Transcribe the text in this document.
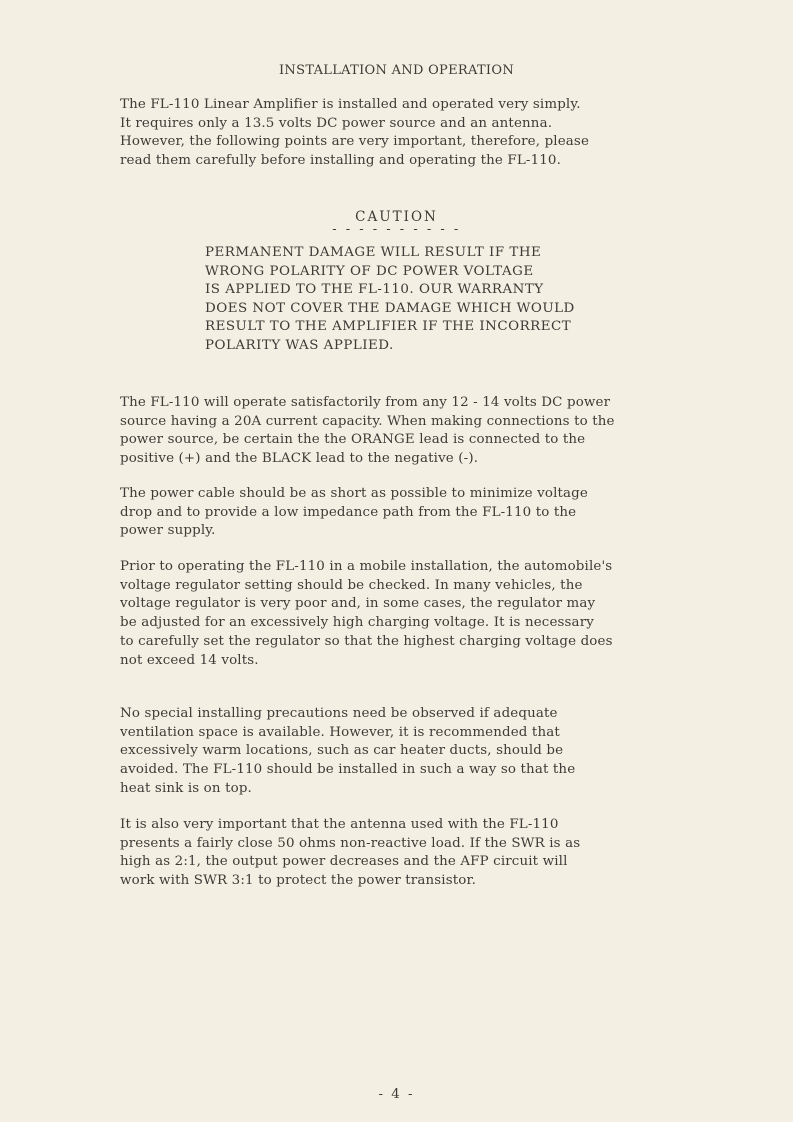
INSTALLATION AND OPERATION
The FL-110 Linear Amplifier is installed and operated very simply.
It requires only a 13.5 volts DC power source and an antenna.
However, the following points are very important, therefore, please
read them carefully before installing and operating the FL-110.
CAUTION
- - - - - - - - - -
PERMANENT DAMAGE WILL RESULT IF THE
WRONG POLARITY OF DC POWER VOLTAGE
IS APPLIED TO THE FL-110. OUR WARRANTY
DOES NOT COVER THE DAMAGE WHICH WOULD
RESULT TO THE AMPLIFIER IF THE INCORRECT
POLARITY WAS APPLIED.
The FL-110 will operate satisfactorily from any 12 - 14 volts DC power
source having a 20A current capacity. When making connections to the
power source, be certain the the ORANGE lead is connected to the
positive (+) and the BLACK lead to the negative (-).
The power cable should be as short as possible to minimize voltage
drop and to provide a low impedance path from the FL-110 to the
power supply.
Prior to operating the FL-110 in a mobile installation, the automobile's
voltage regulator setting should be checked. In many vehicles, the
voltage regulator is very poor and, in some cases, the regulator may
be adjusted for an excessively high charging voltage. It is necessary
to carefully set the regulator so that the highest charging voltage does
not exceed 14 volts.
No special installing precautions need be observed if adequate
ventilation space is available. However, it is recommended that
excessively warm locations, such as car heater ducts, should be
avoided. The FL-110 should be installed in such a way so that the
heat sink is on top.
It is also very important that the antenna used with the FL-110
presents a fairly close 50 ohms non-reactive load. If the SWR is as
high as 2:1, the output power decreases and the AFP circuit will
work with SWR 3:1 to protect the power transistor.
- 4 -
